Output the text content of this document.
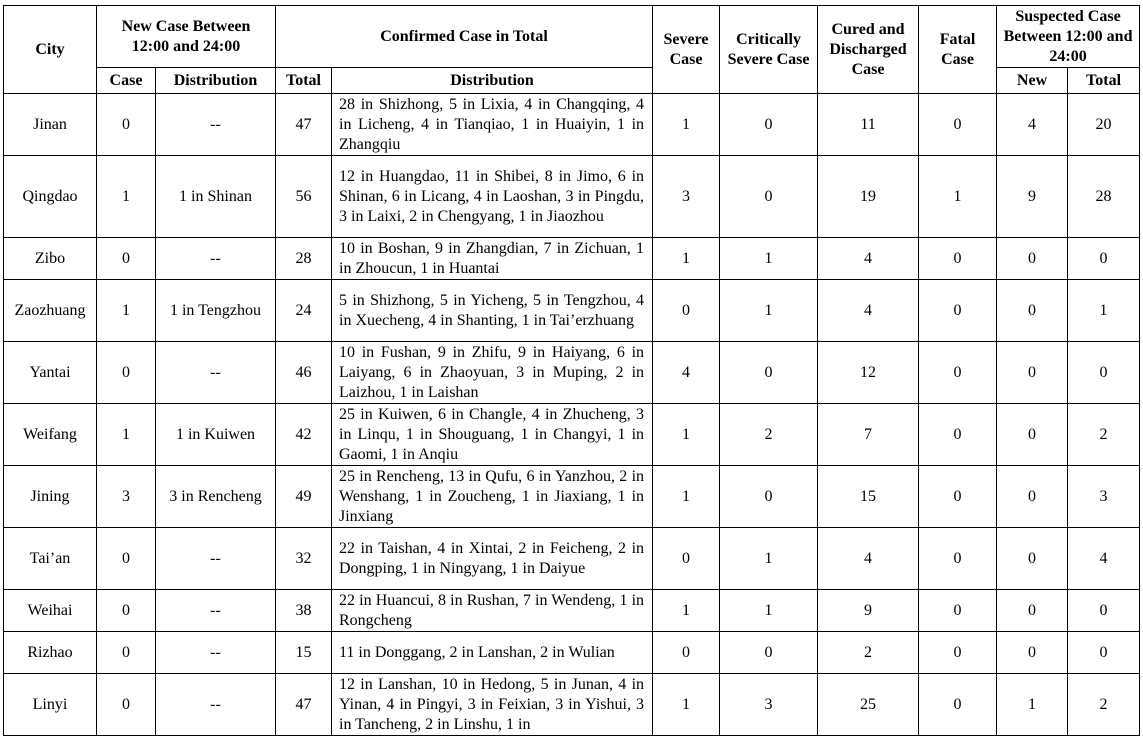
City	New Case Between 12:00 and 24:00		Confirmed Case in Total		Severe Case	Critically Severe Case	Cured and Discharged Case	Fatal Case	Suspected Case Between 12:00 and 24:00	
	Case	Distribution	Total	Distribution					New	Total
Jinan	0	--	47	28 in Shizhong, 5 in Lixia, 4 in Changqing, 4 in Licheng, 4 in Tianqiao, 1 in Huaiyin, 1 in Zhangqiu	1	0	11	0	4	20
Qingdao	1	1 in Shinan	56	12 in Huangdao, 11 in Shibei, 8 in Jimo, 6 in Shinan, 6 in Licang, 4 in Laoshan, 3 in Pingdu, 3 in Laixi, 2 in Chengyang, 1 in Jiaozhou	3	0	19	1	9	28
Zibo	0	--	28	10 in Boshan, 9 in Zhangdian, 7 in Zichuan, 1 in Zhoucun, 1 in Huantai	1	1	4	0	0	0
Zaozhuang	1	1 in Tengzhou	24	5 in Shizhong, 5 in Yicheng, 5 in Tengzhou, 4 in Xuecheng, 4 in Shanting, 1 in Tai’erzhuang	0	1	4	0	0	1
Yantai	0	--	46	10 in Fushan, 9 in Zhifu, 9 in Haiyang, 6 in Laiyang, 6 in Zhaoyuan, 3 in Muping, 2 in Laizhou, 1 in Laishan	4	0	12	0	0	0
Weifang	1	1 in Kuiwen	42	25 in Kuiwen, 6 in Changle, 4 in Zhucheng, 3 in Linqu, 1 in Shouguang, 1 in Changyi, 1 in Gaomi, 1 in Anqiu	1	2	7	0	0	2
Jining	3	3 in Rencheng	49	25 in Rencheng, 13 in Qufu, 6 in Yanzhou, 2 in Wenshang, 1 in Zoucheng, 1 in Jiaxiang, 1 in Jinxiang	1	0	15	0	0	3
Tai’an	0	--	32	22 in Taishan, 4 in Xintai, 2 in Feicheng, 2 in Dongping, 1 in Ningyang, 1 in Daiyue	0	1	4	0	0	4
Weihai	0	--	38	22 in Huancui, 8 in Rushan, 7 in Wendeng, 1 in Rongcheng	1	1	9	0	0	0
Rizhao	0	--	15	11 in Donggang, 2 in Lanshan, 2 in Wulian	0	0	2	0	0	0
Linyi	0	--	47	12 in Lanshan, 10 in Hedong, 5 in Junan, 4 in Yinan, 4 in Pingyi, 3 in Feixian, 3 in Yishui, 3 in Tancheng, 2 in Linshu, 1 in	1	3	25	0	1	2
